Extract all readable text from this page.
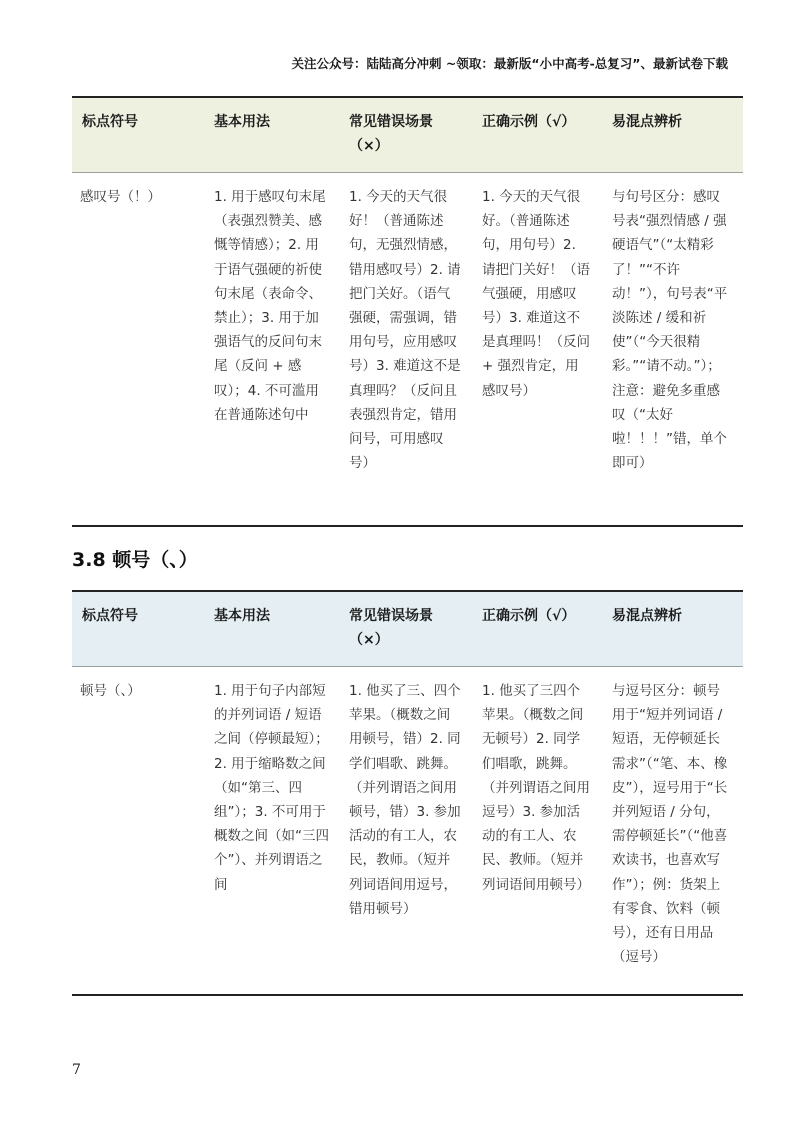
关注公众号：陆陆高分冲刺 ~领取：最新版“小中高考-总复习”、最新试卷下载
标点符号	基本用法	常见错误场景（×）	正确示例（√）	易混点辨析
感叹号（！）	1. 用于感叹句末尾（表强烈赞美、感慨等情感）；2. 用于语气强硬的祈使句末尾（表命令、禁止）；3. 用于加强语气的反问句末尾（反问 + 感叹）；4. 不可滥用在普通陈述句中	1. 今天的天气很好！（普通陈述句，无强烈情感，错用感叹号）2. 请把门关好。（语气强硬，需强调，错用句号，应用感叹号）3. 难道这不是真理吗？（反问且表强烈肯定，错用问号，可用感叹号）	1. 今天的天气很好。（普通陈述句，用句号）2. 请把门关好！（语气强硬，用感叹号）3. 难道这不是真理吗！（反问 + 强烈肯定，用感叹号）	与句号区分：感叹号表“强烈情感 / 强硬语气”（“太精彩了！”“不许动！”），句号表“平淡陈述 / 缓和祈使”（“今天很精彩。”“请不动。”）；注意：避免多重感叹（“太好啦！！！”错，单个即可）
3.8 顿号（、）
标点符号	基本用法	常见错误场景（×）	正确示例（√）	易混点辨析
顿号（、）	1. 用于句子内部短的并列词语 / 短语之间（停顿最短）；2. 用于缩略数之间（如“第三、四组”）；3. 不可用于概数之间（如“三四个”）、并列谓语之间	1. 他买了三、四个苹果。（概数之间用顿号，错）2. 同学们唱歌、跳舞。（并列谓语之间用顿号，错）3. 参加活动的有工人，农民，教师。（短并列词语间用逗号，错用顿号）	1. 他买了三四个苹果。（概数之间无顿号）2. 同学们唱歌，跳舞。（并列谓语之间用逗号）3. 参加活动的有工人、农民、教师。（短并列词语间用顿号）	与逗号区分：顿号用于“短并列词语 / 短语，无停顿延长需求”（“笔、本、橡皮”），逗号用于“长并列短语 / 分句，需停顿延长”（“他喜欢读书，也喜欢写作”）；例：货架上有零食、饮料（顿号），还有日用品（逗号）
7
